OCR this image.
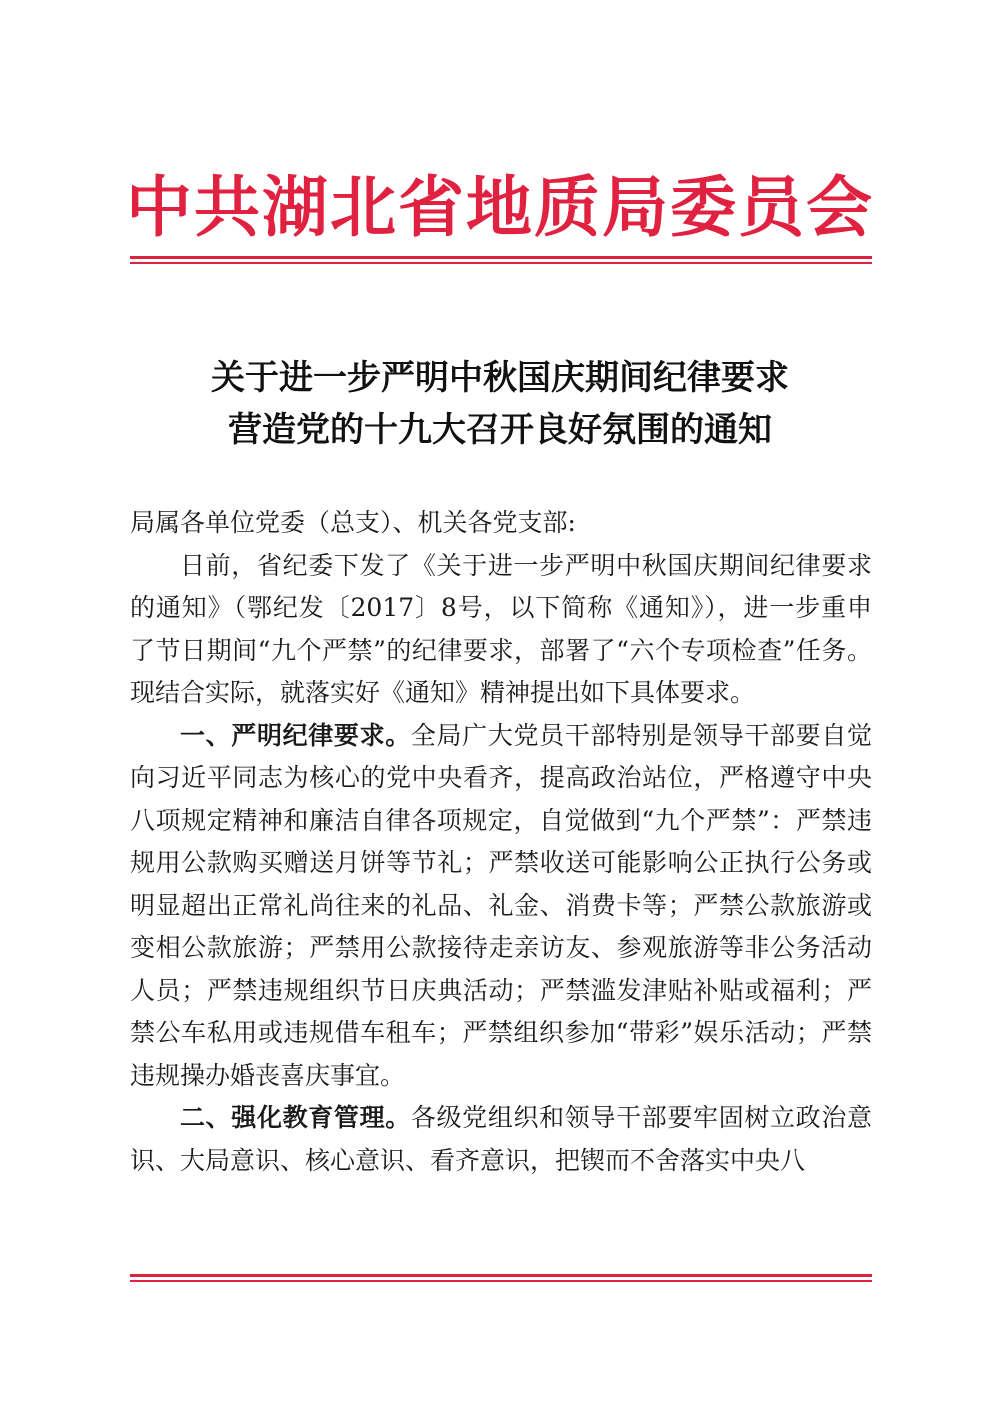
中共湖北省地质局委员会
关于进一步严明中秋国庆期间纪律要求
营造党的十九大召开良好氛围的通知

局属各单位党委（总支）、机关各党支部:

日前，省纪委下发了《关于进一步严明中秋国庆期间纪律要求的通知》（鄂纪发〔2017〕8号，以下简称《通知》），进一步重申了节日期间“九个严禁”的纪律要求，部署了“六个专项检查”任务。现结合实际，就落实好《通知》精神提出如下具体要求。

一、严明纪律要求。全局广大党员干部特别是领导干部要自觉向习近平同志为核心的党中央看齐，提高政治站位，严格遵守中央八项规定精神和廉洁自律各项规定，自觉做到“九个严禁”：严禁违规用公款购买赠送月饼等节礼；严禁收送可能影响公正执行公务或明显超出正常礼尚往来的礼品、礼金、消费卡等；严禁公款旅游或变相公款旅游；严禁用公款接待走亲访友、参观旅游等非公务活动人员；严禁违规组织节日庆典活动；严禁滥发津贴补贴或福利；严禁公车私用或违规借车租车；严禁组织参加“带彩”娱乐活动；严禁违规操办婚丧喜庆事宜。

二、强化教育管理。各级党组织和领导干部要牢固树立政治意识、大局意识、核心意识、看齐意识，把锲而不舍落实中央八
